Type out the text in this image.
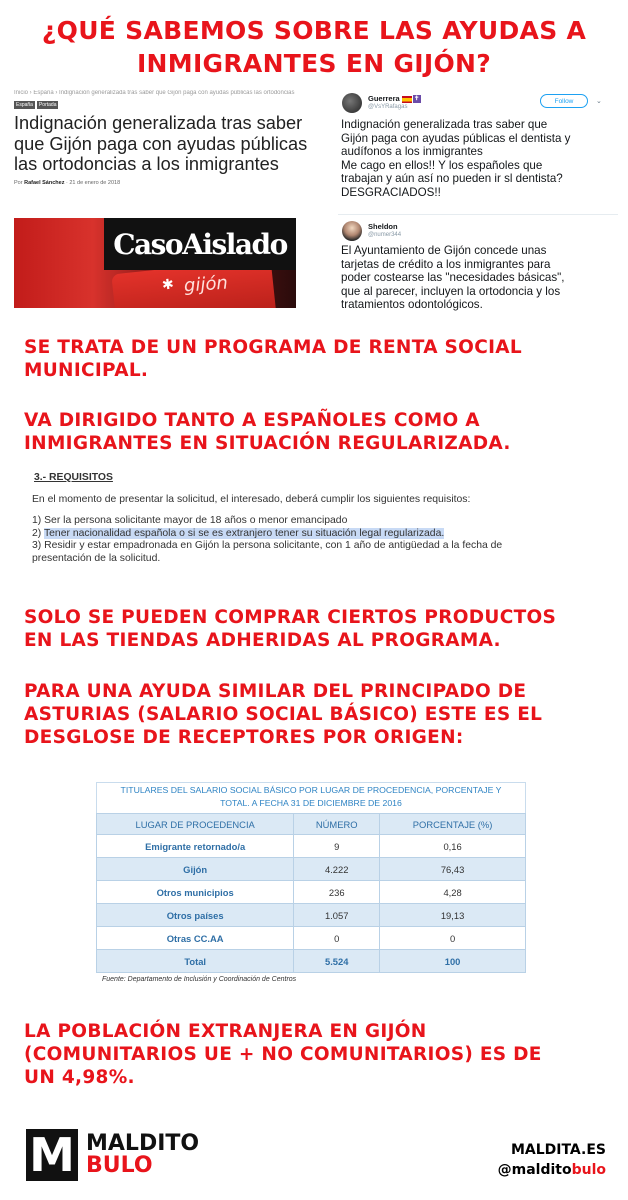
¿QUÉ SABEMOS SOBRE LAS AYUDAS A
INMIGRANTES EN GIJÓN?
Inicio › España › Indignación generalizada tras saber que Gijón paga con ayudas públicas las ortodoncias
España	Portada
Indignación generalizada tras saber
que Gijón paga con ayudas públicas
las ortodoncias a los inmigrantes
Por Rafael Sánchez · 21 de enero de 2018
✱ gijón
CasoAislado
Guerrera ✝
@VsYRafagas
Follow	⌄
Indignación generalizada tras saber que
Gijón paga con ayudas públicas el dentista y
audífonos a los inmigrantes
Me cago en ellos!! Y los españoles que
trabajan y aún así no pueden ir sl dentista?
DESGRACIADOS!!
Sheldon
@numer344
El Ayuntamiento de Gijón concede unas
tarjetas de crédito a los inmigrantes para
poder costearse las "necesidades básicas",
que al parecer, incluyen la ortodoncia y los
tratamientos odontológicos.
SE TRATA DE UN PROGRAMA DE RENTA SOCIAL
MUNICIPAL.
VA DIRIGIDO TANTO A ESPAÑOLES COMO A
INMIGRANTES EN SITUACIÓN REGULARIZADA.
3.- REQUISITOS
En el momento de presentar la solicitud, el interesado, deberá cumplir los siguientes requisitos:
1) Ser la persona solicitante mayor de 18 años o menor emancipado
2) Tener nacionalidad española o si se es extranjero tener su situación legal regularizada.
3) Residir y estar empadronada en Gijón la persona solicitante, con 1 año de antigüedad a la fecha de
presentación de la solicitud.
SOLO SE PUEDEN COMPRAR CIERTOS PRODUCTOS
EN LAS TIENDAS ADHERIDAS AL PROGRAMA.
PARA UNA AYUDA SIMILAR DEL PRINCIPADO DE
ASTURIAS (SALARIO SOCIAL BÁSICO) ESTE ES EL
DESGLOSE DE RECEPTORES POR ORIGEN:
TITULARES DEL SALARIO SOCIAL BÁSICO POR LUGAR DE PROCEDENCIA, PORCENTAJE Y
TOTAL. A FECHA 31 DE DICIEMBRE DE 2016
LUGAR DE PROCEDENCIA	NÚMERO	PORCENTAJE (%)
Emigrante retornado/a	9	0,16
Gijón	4.222	76,43
Otros municipios	236	4,28
Otros países	1.057	19,13
Otras CC.AA	0	0
Total	5.524	100
Fuente: Departamento de Inclusión y Coordinación de Centros
LA POBLACIÓN EXTRANJERA EN GIJÓN
(COMUNITARIOS UE + NO COMUNITARIOS) ES DE
UN 4,98%.
M MALDITO
BULO
MALDITA.ES
@malditobulo
